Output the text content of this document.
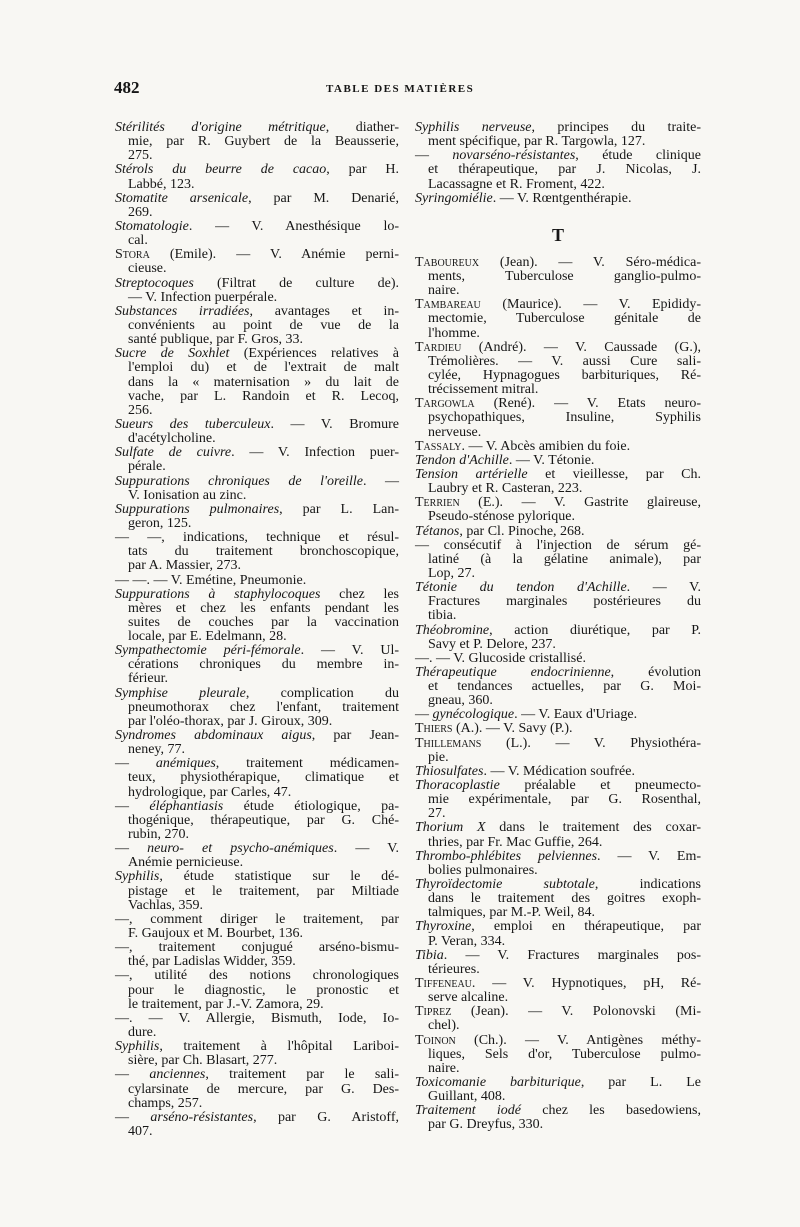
482	TABLE DES MATIÈRES
Stérilités d'origine métritique, diather-
mie, par R. Guybert de la Beausserie,
275.
Stérols du beurre de cacao, par H.
Labbé, 123.
Stomatite arsenicale, par M. Denarié,
269.
Stomatologie. — V. Anesthésique lo-
cal.
Stora (Emile). — V. Anémie perni-
cieuse.
Streptocoques (Filtrat de culture de).
— V. Infection puerpérale.
Substances irradiées, avantages et in-
convénients au point de vue de la
santé publique, par F. Gros, 33.
Sucre de Soxhlet (Expériences relatives à
l'emploi du) et de l'extrait de malt
dans la « maternisation » du lait de
vache, par L. Randoin et R. Lecoq,
256.
Sueurs des tuberculeux. — V. Bromure
d'acétylcholine.
Sulfate de cuivre. — V. Infection puer-
pérale.
Suppurations chroniques de l'oreille. —
V. Ionisation au zinc.
Suppurations pulmonaires, par L. Lan-
geron, 125.
— —, indications, technique et résul-
tats du traitement bronchoscopique,
par A. Massier, 273.
— —. — V. Emétine, Pneumonie.
Suppurations à staphylocoques chez les
mères et chez les enfants pendant les
suites de couches par la vaccination
locale, par E. Edelmann, 28.
Sympathectomie péri-fémorale. — V. Ul-
cérations chroniques du membre in-
férieur.
Symphise pleurale, complication du
pneumothorax chez l'enfant, traitement
par l'oléo-thorax, par J. Giroux, 309.
Syndromes abdominaux aigus, par Jean-
neney, 77.
— anémiques, traitement médicamen-
teux, physiothérapique, climatique et
hydrologique, par Carles, 47.
— éléphantiasis étude étiologique, pa-
thogénique, thérapeutique, par G. Ché-
rubin, 270.
— neuro- et psycho-anémiques. — V.
Anémie pernicieuse.
Syphilis, étude statistique sur le dé-
pistage et le traitement, par Miltiade
Vachlas, 359.
—, comment diriger le traitement, par
F. Gaujoux et M. Bourbet, 136.
—, traitement conjugué arséno-bismu-
thé, par Ladislas Widder, 359.
—, utilité des notions chronologiques
pour le diagnostic, le pronostic et
le traitement, par J.-V. Zamora, 29.
—. — V. Allergie, Bismuth, Iode, Io-
dure.
Syphilis, traitement à l'hôpital Lariboi-
sière, par Ch. Blasart, 277.
— anciennes, traitement par le sali-
cylarsinate de mercure, par G. Des-
champs, 257.
— arséno-résistantes, par G. Aristoff,
407.
Syphilis nerveuse, principes du traite-
ment spécifique, par R. Targowla, 127.
— novarséno-résistantes, étude clinique
et thérapeutique, par J. Nicolas, J.
Lacassagne et R. Froment, 422.
Syringomiélie. — V. Rœntgenthérapie.
T
Taboureux (Jean). — V. Séro-médica-
ments, Tuberculose ganglio-pulmo-
naire.
Tambareau (Maurice). — V. Epididy-
mectomie, Tuberculose génitale de
l'homme.
Tardieu (André). — V. Caussade (G.),
Trémolières. — V. aussi Cure sali-
cylée, Hypnagogues barbituriques, Ré-
trécissement mitral.
Targowla (René). — V. Etats neuro-
psychopathiques, Insuline, Syphilis
nerveuse.
Tassaly. — V. Abcès amibien du foie.
Tendon d'Achille. — V. Tétonie.
Tension artérielle et vieillesse, par Ch.
Laubry et R. Casteran, 223.
Terrien (E.). — V. Gastrite glaireuse,
Pseudo-sténose pylorique.
Tétanos, par Cl. Pinoche, 268.
— consécutif à l'injection de sérum gé-
latiné (à la gélatine animale), par
Lop, 27.
Tétonie du tendon d'Achille. — V.
Fractures marginales postérieures du
tibia.
Théobromine, action diurétique, par P.
Savy et P. Delore, 237.
—. — V. Glucoside cristallisé.
Thérapeutique endocrinienne, évolution
et tendances actuelles, par G. Moi-
gneau, 360.
— gynécologique. — V. Eaux d'Uriage.
Thiers (A.). — V. Savy (P.).
Thillemans (L.). — V. Physiothéra-
pie.
Thiosulfates. — V. Médication soufrée.
Thoracoplastie préalable et pneumecto-
mie expérimentale, par G. Rosenthal,
27.
Thorium X dans le traitement des coxar-
thries, par Fr. Mac Guffie, 264.
Thrombo-phlébites pelviennes. — V. Em-
bolies pulmonaires.
Thyroïdectomie subtotale, indications
dans le traitement des goitres exoph-
talmiques, par M.-P. Weil, 84.
Thyroxine, emploi en thérapeutique, par
P. Veran, 334.
Tibia. — V. Fractures marginales pos-
térieures.
Tiffeneau. — V. Hypnotiques, pH, Ré-
serve alcaline.
Tiprez (Jean). — V. Polonovski (Mi-
chel).
Toinon (Ch.). — V. Antigènes méthy-
liques, Sels d'or, Tuberculose pulmo-
naire.
Toxicomanie barbiturique, par L. Le
Guillant, 408.
Traitement iodé chez les basedowiens,
par G. Dreyfus, 330.
